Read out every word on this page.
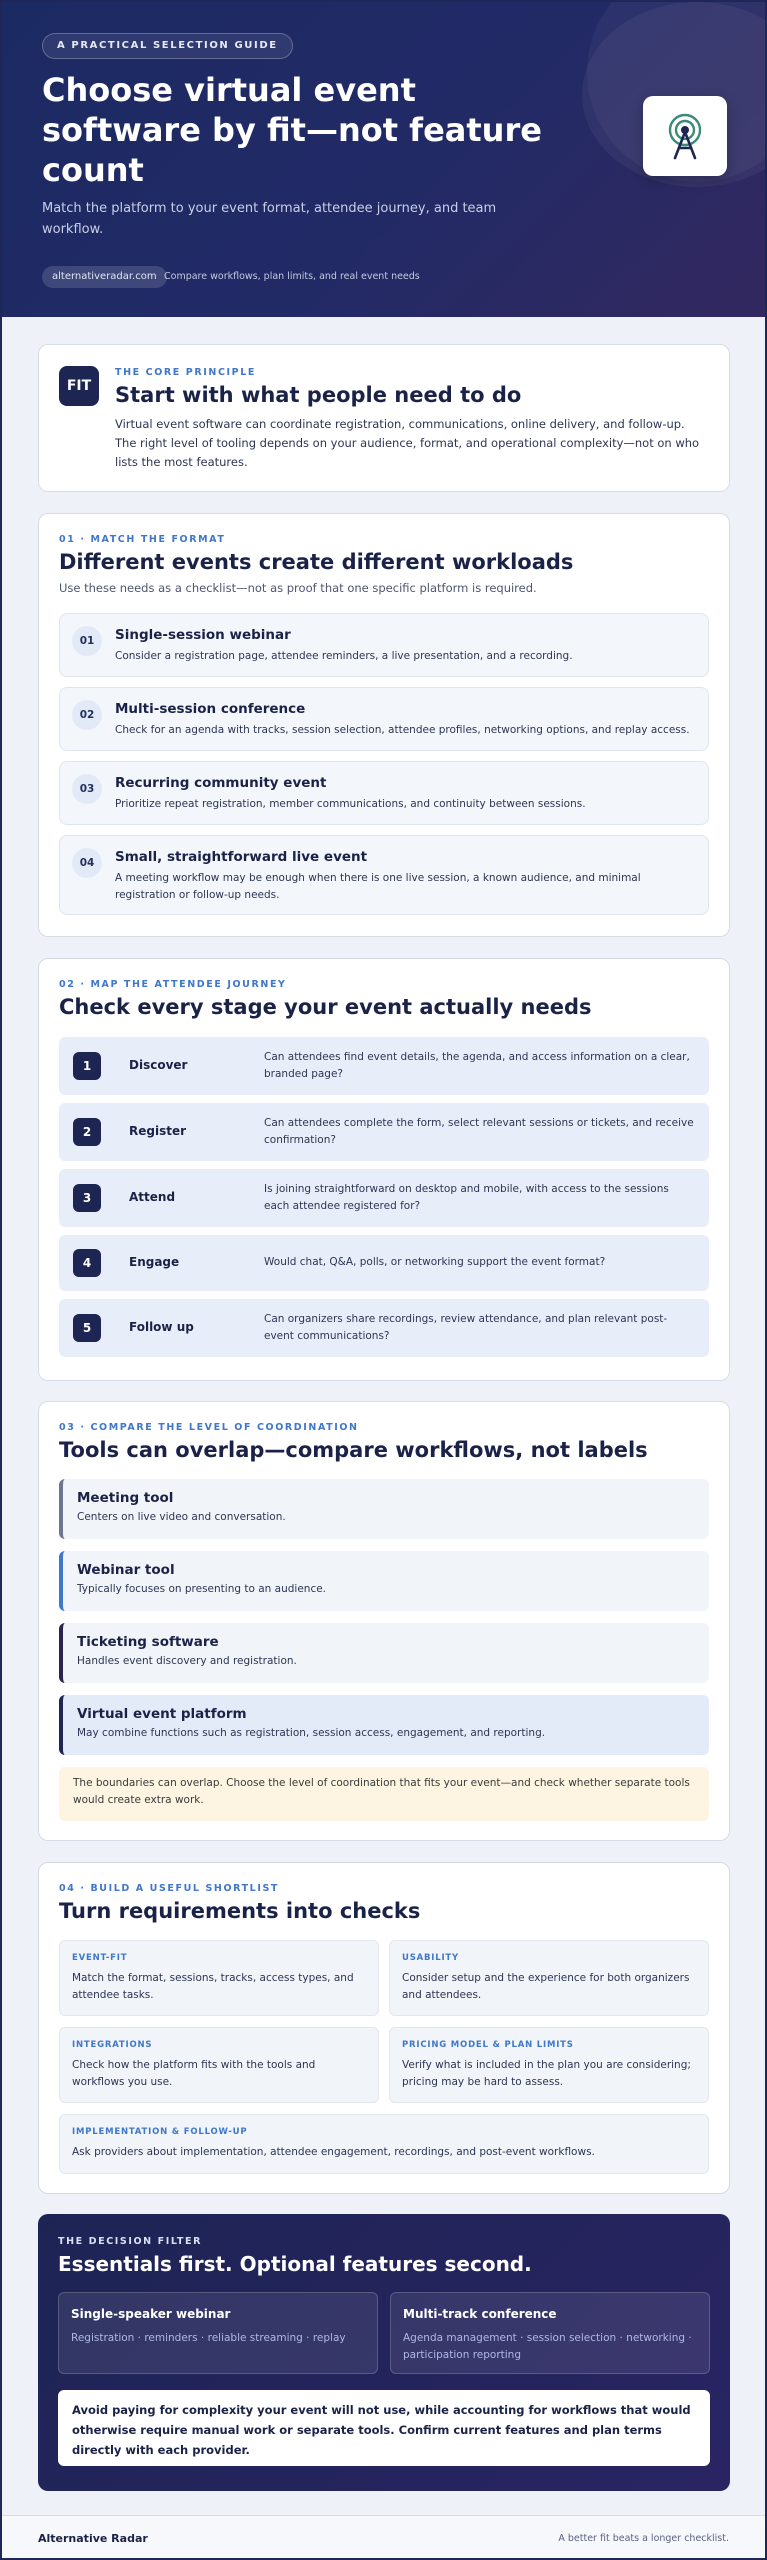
A PRACTICAL SELECTION GUIDE
Choose virtual event software by fit—not feature count

Match the platform to your event format, attendee journey, and team workflow.

alternativeradar.com Compare workflows, plan limits, and real event needs
FIT
THE CORE PRINCIPLE
Start with what people need to do

Virtual event software can coordinate registration, communications, online delivery, and follow-up. The right level of tooling depends on your audience, format, and operational complexity—not on who lists the most features.

01 · MATCH THE FORMAT
Different events create different workloads

Use these needs as a checklist—not as proof that one specific platform is required.

01	Single-session webinar
Consider a registration page, attendee reminders, a live presentation, and a recording.
02	Multi-session conference
Check for an agenda with tracks, session selection, attendee profiles, networking options, and replay access.
03	Recurring community event
Prioritize repeat registration, member communications, and continuity between sessions.
04	Small, straightforward live event
A meeting workflow may be enough when there is one live session, a known audience, and minimal registration or follow-up needs.
02 · MAP THE ATTENDEE JOURNEY
Check every stage your event actually needs
1	Discover
Can attendees find event details, the agenda, and access information on a clear, branded page?
2	Register
Can attendees complete the form, select relevant sessions or tickets, and receive confirmation?
3	Attend
Is joining straightforward on desktop and mobile, with access to the sessions each attendee registered for?
4	Engage	Would chat, Q&A, polls, or networking support the event format?
5	Follow up
Can organizers share recordings, review attendance, and plan relevant post-event communications?
03 · COMPARE THE LEVEL OF COORDINATION
Tools can overlap—compare workflows, not labels
Meeting tool
Centers on live video and conversation.
Webinar tool
Typically focuses on presenting to an audience.
Ticketing software
Handles event discovery and registration.
Virtual event platform
May combine functions such as registration, session access, engagement, and reporting.
The boundaries can overlap. Choose the level of coordination that fits your event—and check whether separate tools would create extra work.
04 · BUILD A USEFUL SHORTLIST
Turn requirements into checks
EVENT-FIT
Match the format, sessions, tracks, access types, and attendee tasks.
USABILITY
Consider setup and the experience for both organizers and attendees.
INTEGRATIONS
Check how the platform fits with the tools and workflows you use.
PRICING MODEL & PLAN LIMITS
Verify what is included in the plan you are considering; pricing may be hard to assess.
IMPLEMENTATION & FOLLOW-UP
Ask providers about implementation, attendee engagement, recordings, and post-event workflows.
THE DECISION FILTER
Essentials first. Optional features second.
Single-speaker webinar
Registration · reminders · reliable streaming · replay
Multi-track conference
Agenda management · session selection · networking · participation reporting
Avoid paying for complexity your event will not use, while accounting for workflows that would otherwise require manual work or separate tools. Confirm current features and plan terms directly with each provider.
Alternative Radar	A better fit beats a longer checklist.
